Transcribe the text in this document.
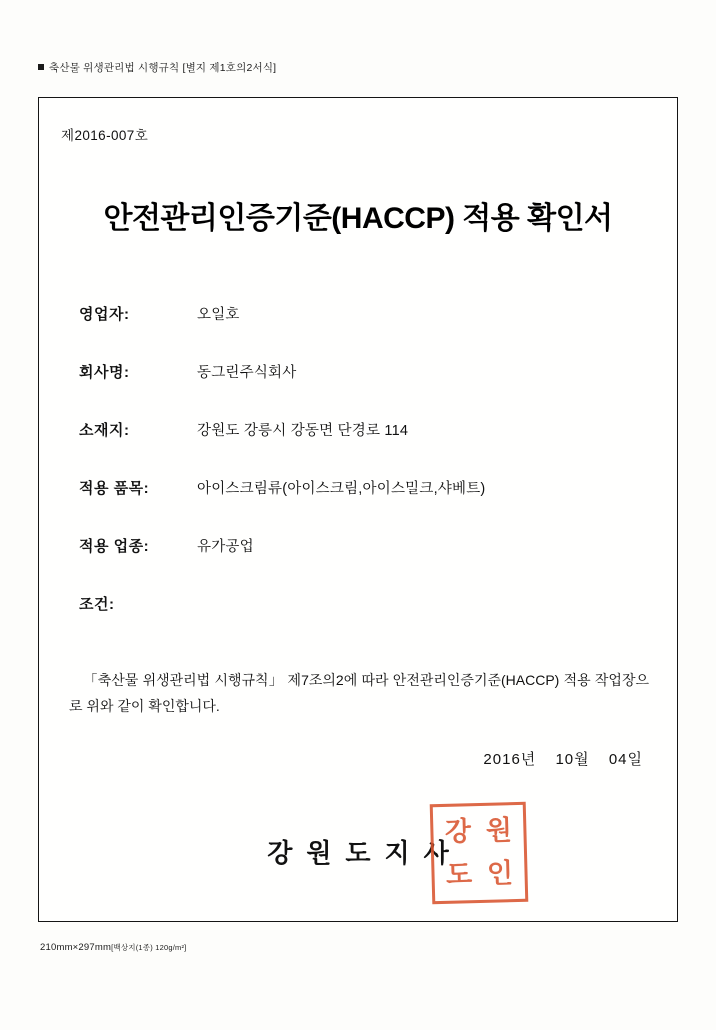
축산물 위생관리법 시행규칙 [별지 제1호의2서식]
제2016-007호
안전관리인증기준(HACCP) 적용 확인서
영업자:	오일호
회사명:	동그린주식회사
소재지:	강원도 강릉시 강동면 단경로 114
적용 품목:	아이스크림류(아이스크림,아이스밀크,샤베트)
적용 업종:	유가공업
조건:
「축산물 위생관리법 시행규칙」 제7조의2에 따라 안전관리인증기준(HACCP) 적용 작업장으로 위와 같이 확인합니다.
2016년 10월 04일
강원도지사
강 원
도 인
210mm×297mm[백상지(1종) 120g/m²]
